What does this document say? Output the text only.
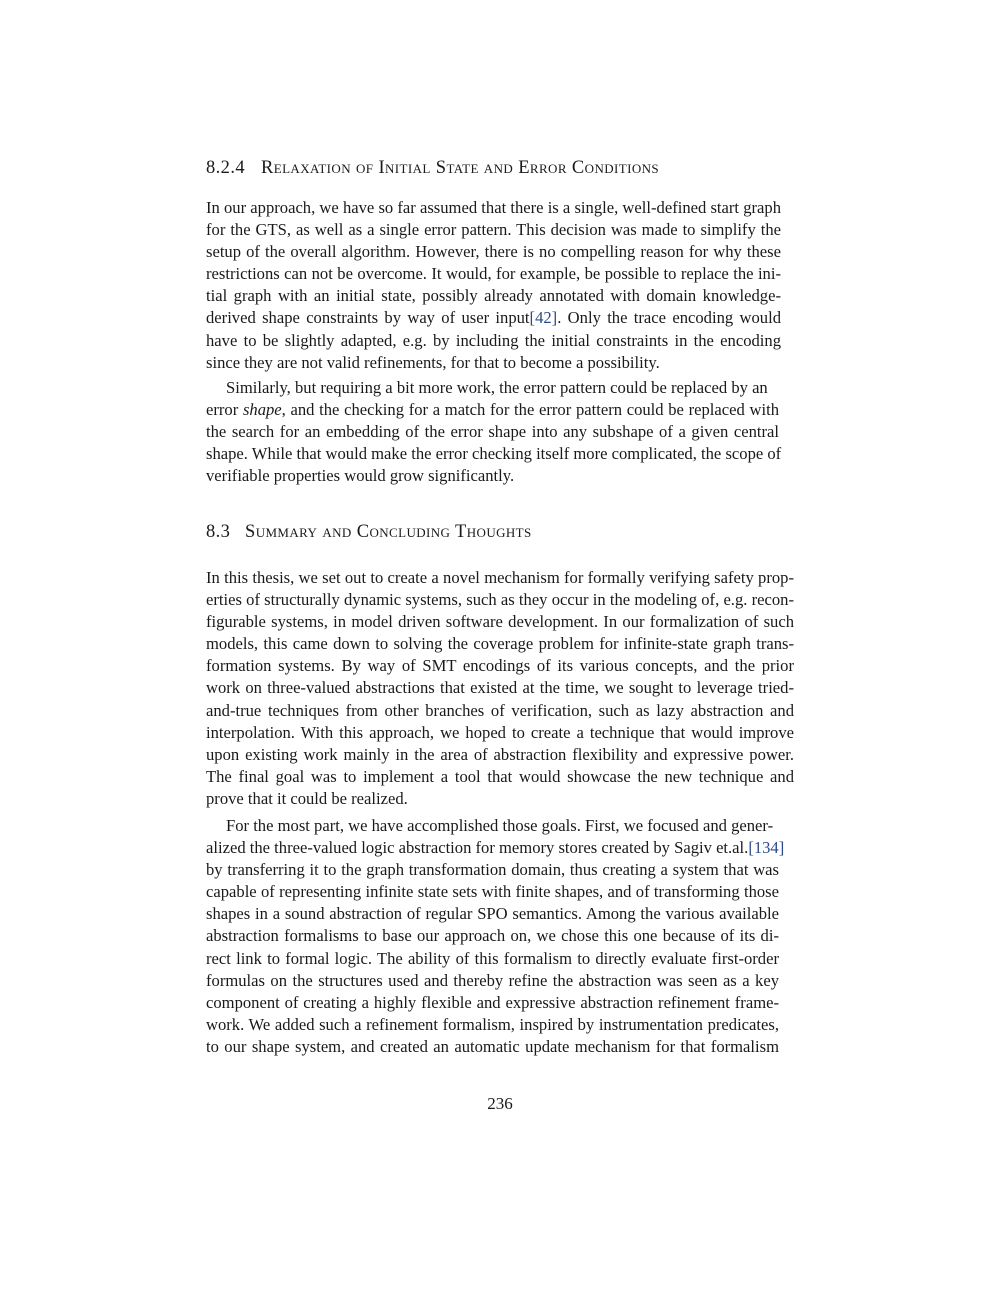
8.2.4 Relaxation of Initial State and Error Conditions
In our approach, we have so far assumed that there is a single, well-defined start graph
for the GTS, as well as a single error pattern. This decision was made to simplify the
setup of the overall algorithm. However, there is no compelling reason for why these
restrictions can not be overcome. It would, for example, be possible to replace the ini-
tial graph with an initial state, possibly already annotated with domain knowledge-
derived shape constraints by way of user input[42]. Only the trace encoding would
have to be slightly adapted, e.g. by including the initial constraints in the encoding
since they are not valid refinements, for that to become a possibility.
Similarly, but requiring a bit more work, the error pattern could be replaced by an
error shape, and the checking for a match for the error pattern could be replaced with
the search for an embedding of the error shape into any subshape of a given central
shape. While that would make the error checking itself more complicated, the scope of
verifiable properties would grow significantly.
8.3 Summary and Concluding Thoughts
In this thesis, we set out to create a novel mechanism for formally verifying safety prop-
erties of structurally dynamic systems, such as they occur in the modeling of, e.g. recon-
figurable systems, in model driven software development. In our formalization of such
models, this came down to solving the coverage problem for infinite-state graph trans-
formation systems. By way of SMT encodings of its various concepts, and the prior
work on three-valued abstractions that existed at the time, we sought to leverage tried-
and-true techniques from other branches of verification, such as lazy abstraction and
interpolation. With this approach, we hoped to create a technique that would improve
upon existing work mainly in the area of abstraction flexibility and expressive power.
The final goal was to implement a tool that would showcase the new technique and
prove that it could be realized.
For the most part, we have accomplished those goals. First, we focused and gener-
alized the three-valued logic abstraction for memory stores created by Sagiv et.al.[134]
by transferring it to the graph transformation domain, thus creating a system that was
capable of representing infinite state sets with finite shapes, and of transforming those
shapes in a sound abstraction of regular SPO semantics. Among the various available
abstraction formalisms to base our approach on, we chose this one because of its di-
rect link to formal logic. The ability of this formalism to directly evaluate first-order
formulas on the structures used and thereby refine the abstraction was seen as a key
component of creating a highly flexible and expressive abstraction refinement frame-
work. We added such a refinement formalism, inspired by instrumentation predicates,
to our shape system, and created an automatic update mechanism for that formalism
236
